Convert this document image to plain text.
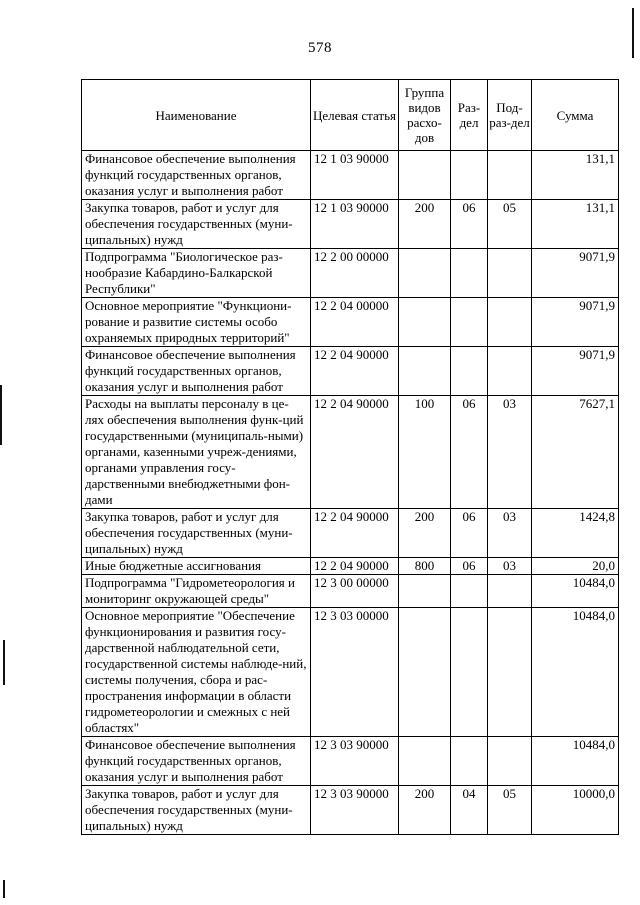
578
Наименование	Целевая статья	Группа видов расхо-дов	Раз-дел	Под-раз-дел	Сумма
Финансовое обеспечение выполнения функций государственных органов, оказания услуг и выполнения работ	12 1 03 90000				131,1
Закупка товаров, работ и услуг для обеспечения государственных (муни-ципальных) нужд	12 1 03 90000	200	06	05	131,1
Подпрограмма "Биологическое раз-нообразие Кабардино-Балкарской Республики"	12 2 00 00000				9071,9
Основное мероприятие "Функциони-рование и развитие системы особо охраняемых природных территорий"	12 2 04 00000				9071,9
Финансовое обеспечение выполнения функций государственных органов, оказания услуг и выполнения работ	12 2 04 90000				9071,9
Расходы на выплаты персоналу в це-лях обеспечения выполнения функ-ций государственными (муниципаль-ными) органами, казенными учреж-дениями, органами управления госу-дарственными внебюджетными фон-дами	12 2 04 90000	100	06	03	7627,1
Закупка товаров, работ и услуг для обеспечения государственных (муни-ципальных) нужд	12 2 04 90000	200	06	03	1424,8
Иные бюджетные ассигнования	12 2 04 90000	800	06	03	20,0
Подпрограмма "Гидрометеорология и мониторинг окружающей среды"	12 3 00 00000				10484,0
Основное мероприятие "Обеспечение функционирования и развития госу-дарственной наблюдательной сети, государственной системы наблюде-ний, системы получения, сбора и рас-пространения информации в области гидрометеорологии и смежных с ней областях"	12 3 03 00000				10484,0
Финансовое обеспечение выполнения функций государственных органов, оказания услуг и выполнения работ	12 3 03 90000				10484,0
Закупка товаров, работ и услуг для обеспечения государственных (муни-ципальных) нужд	12 3 03 90000	200	04	05	10000,0
